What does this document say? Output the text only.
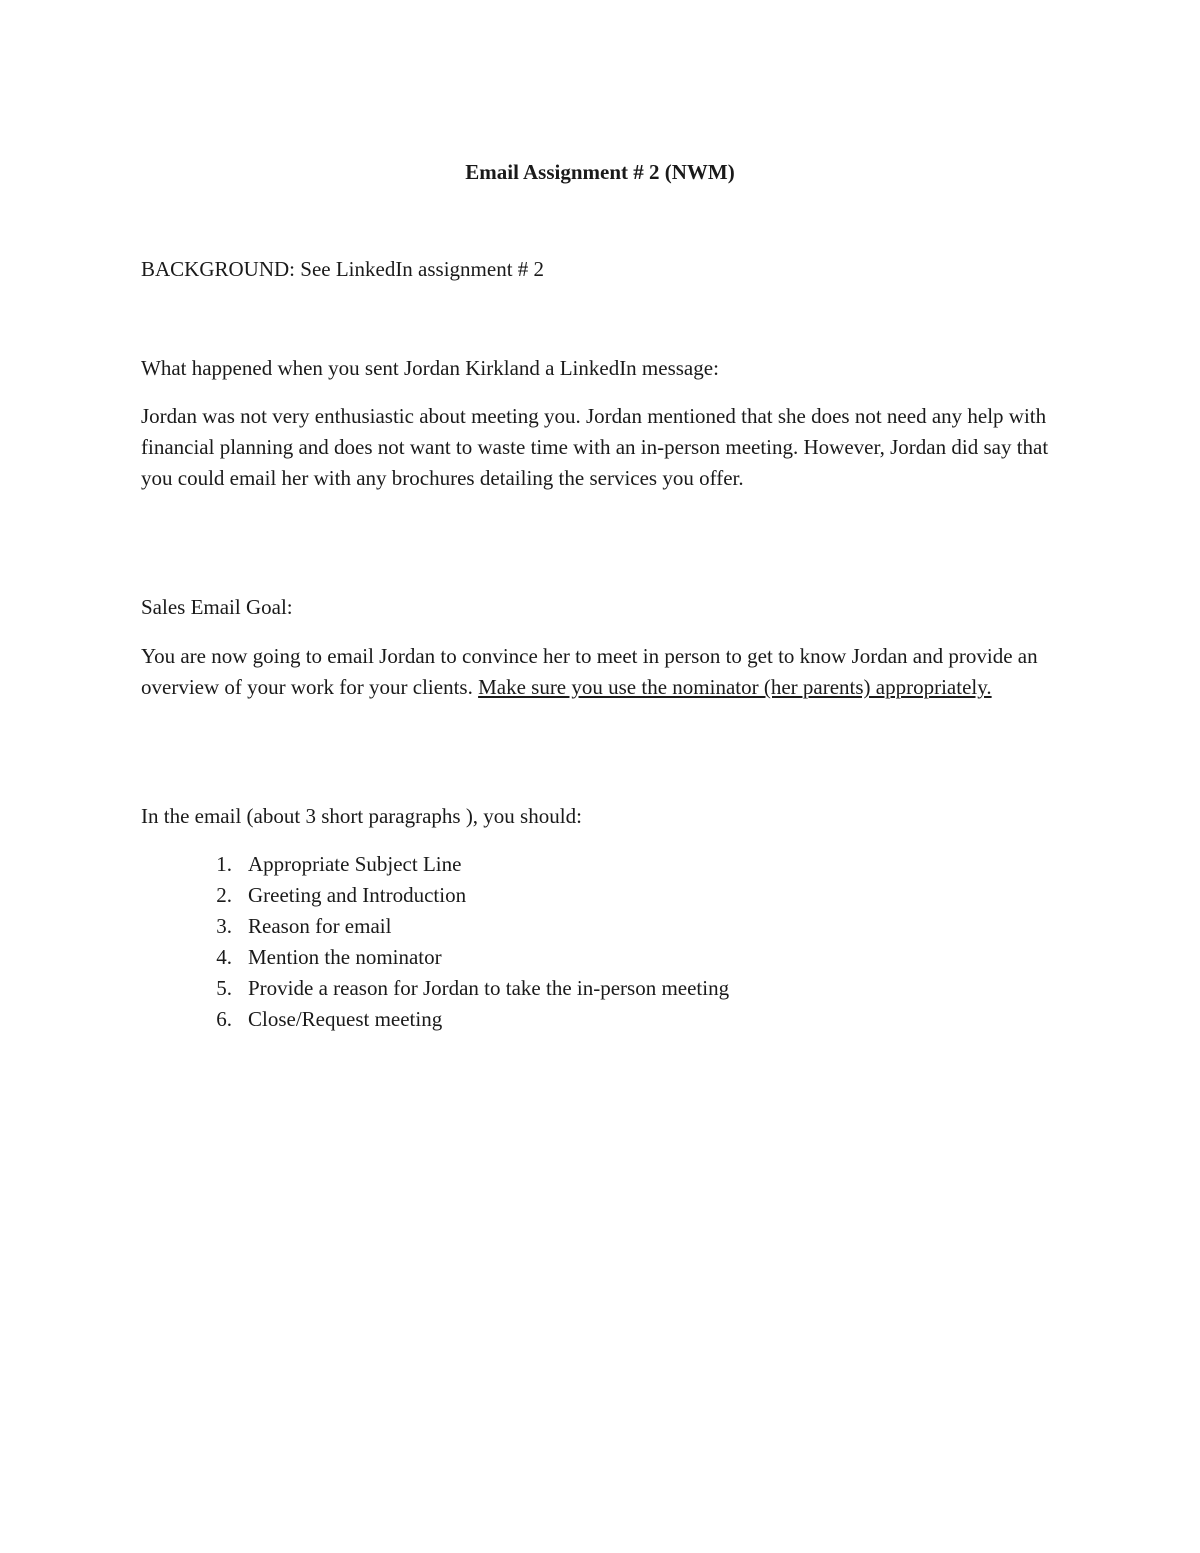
Email Assignment # 2 (NWM)

BACKGROUND: See LinkedIn assignment # 2

What happened when you sent Jordan Kirkland a LinkedIn message:

Jordan was not very enthusiastic about meeting you. Jordan mentioned that she does not need any help with financial planning and does not want to waste time with an in-person meeting. However, Jordan did say that you could email her with any brochures detailing the services you offer.

Sales Email Goal:

You are now going to email Jordan to convince her to meet in person to get to know Jordan and provide an overview of your work for your clients. Make sure you use the nominator (her parents) appropriately.

In the email (about 3 short paragraphs ), you should:

1. Appropriate Subject Line
2. Greeting and Introduction
3. Reason for email
4. Mention the nominator
5. Provide a reason for Jordan to take the in-person meeting
6. Close/Request meeting
